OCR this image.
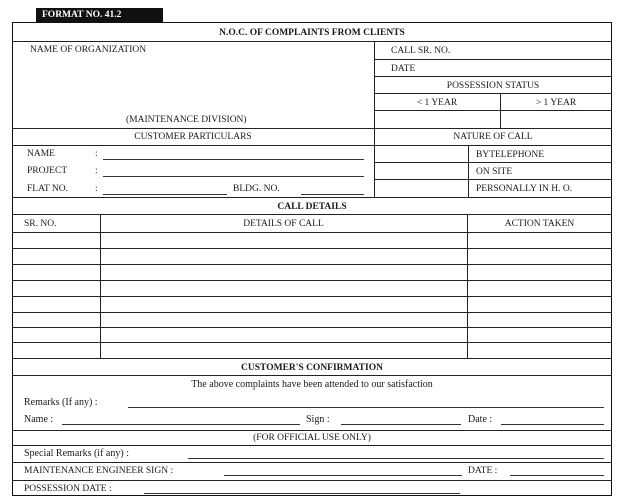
FORMAT NO. 41.2
N.O.C. OF COMPLAINTS FROM CLIENTS
NAME OF ORGANIZATION
(MAINTENANCE DIVISION)
CALL SR. NO.
DATE
POSSESSION STATUS
< 1 YEAR	> 1 YEAR
CUSTOMER PARTICULARS
NAME	:
PROJECT	:
FLAT NO.	:	BLDG. NO.
NATURE OF CALL
BYTELEPHONE
ON SITE
PERSONALLY IN H. O.
CALL DETAILS
SR. NO.	DETAILS OF CALL	ACTION TAKEN
CUSTOMER'S CONFIRMATION
The above complaints have been attended to our satisfaction
Remarks (If any) :
Name :	Sign :	Date :
(FOR OFFICIAL USE ONLY)
Special Remarks (if any) :
MAINTENANCE ENGINEER SIGN :	DATE :
POSSESSION DATE :
